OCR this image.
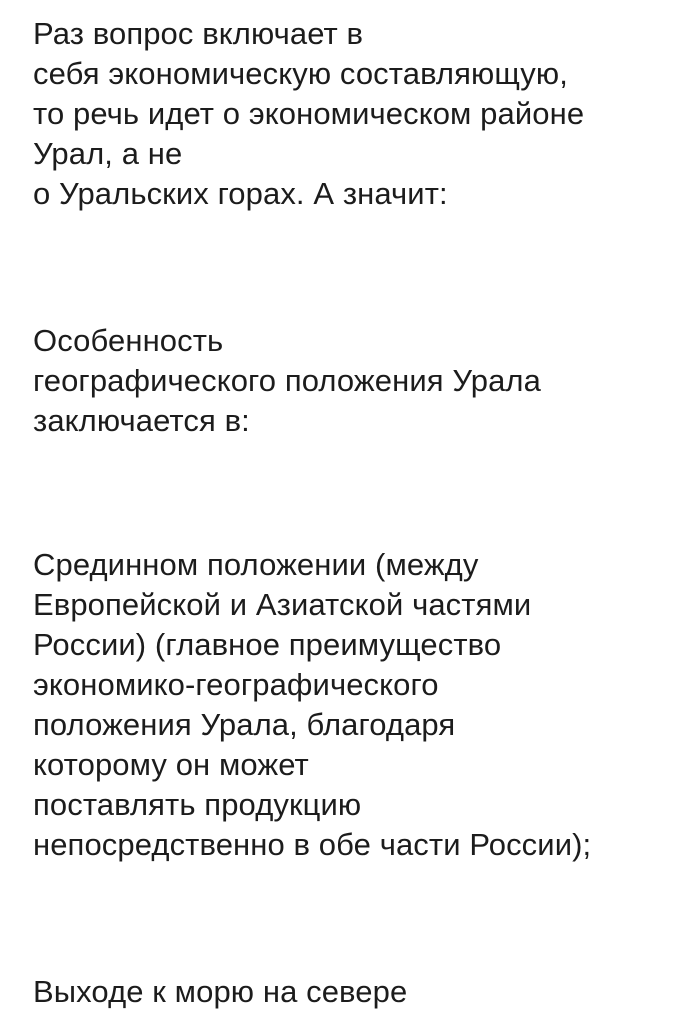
Раз вопрос включает в
себя экономическую составляющую,
то речь идет о экономическом районе
Урал, а не
о Уральских горах. А значит:

Особенность
географического положения Урала
заключается в:

Срединном положении (между
Европейской и Азиатской частями
России) (главное преимущество
экономико-географического
положения Урала, благодаря
которому он может
поставлять продукцию
непосредственно в обе части России);

Выходе к морю на севере
